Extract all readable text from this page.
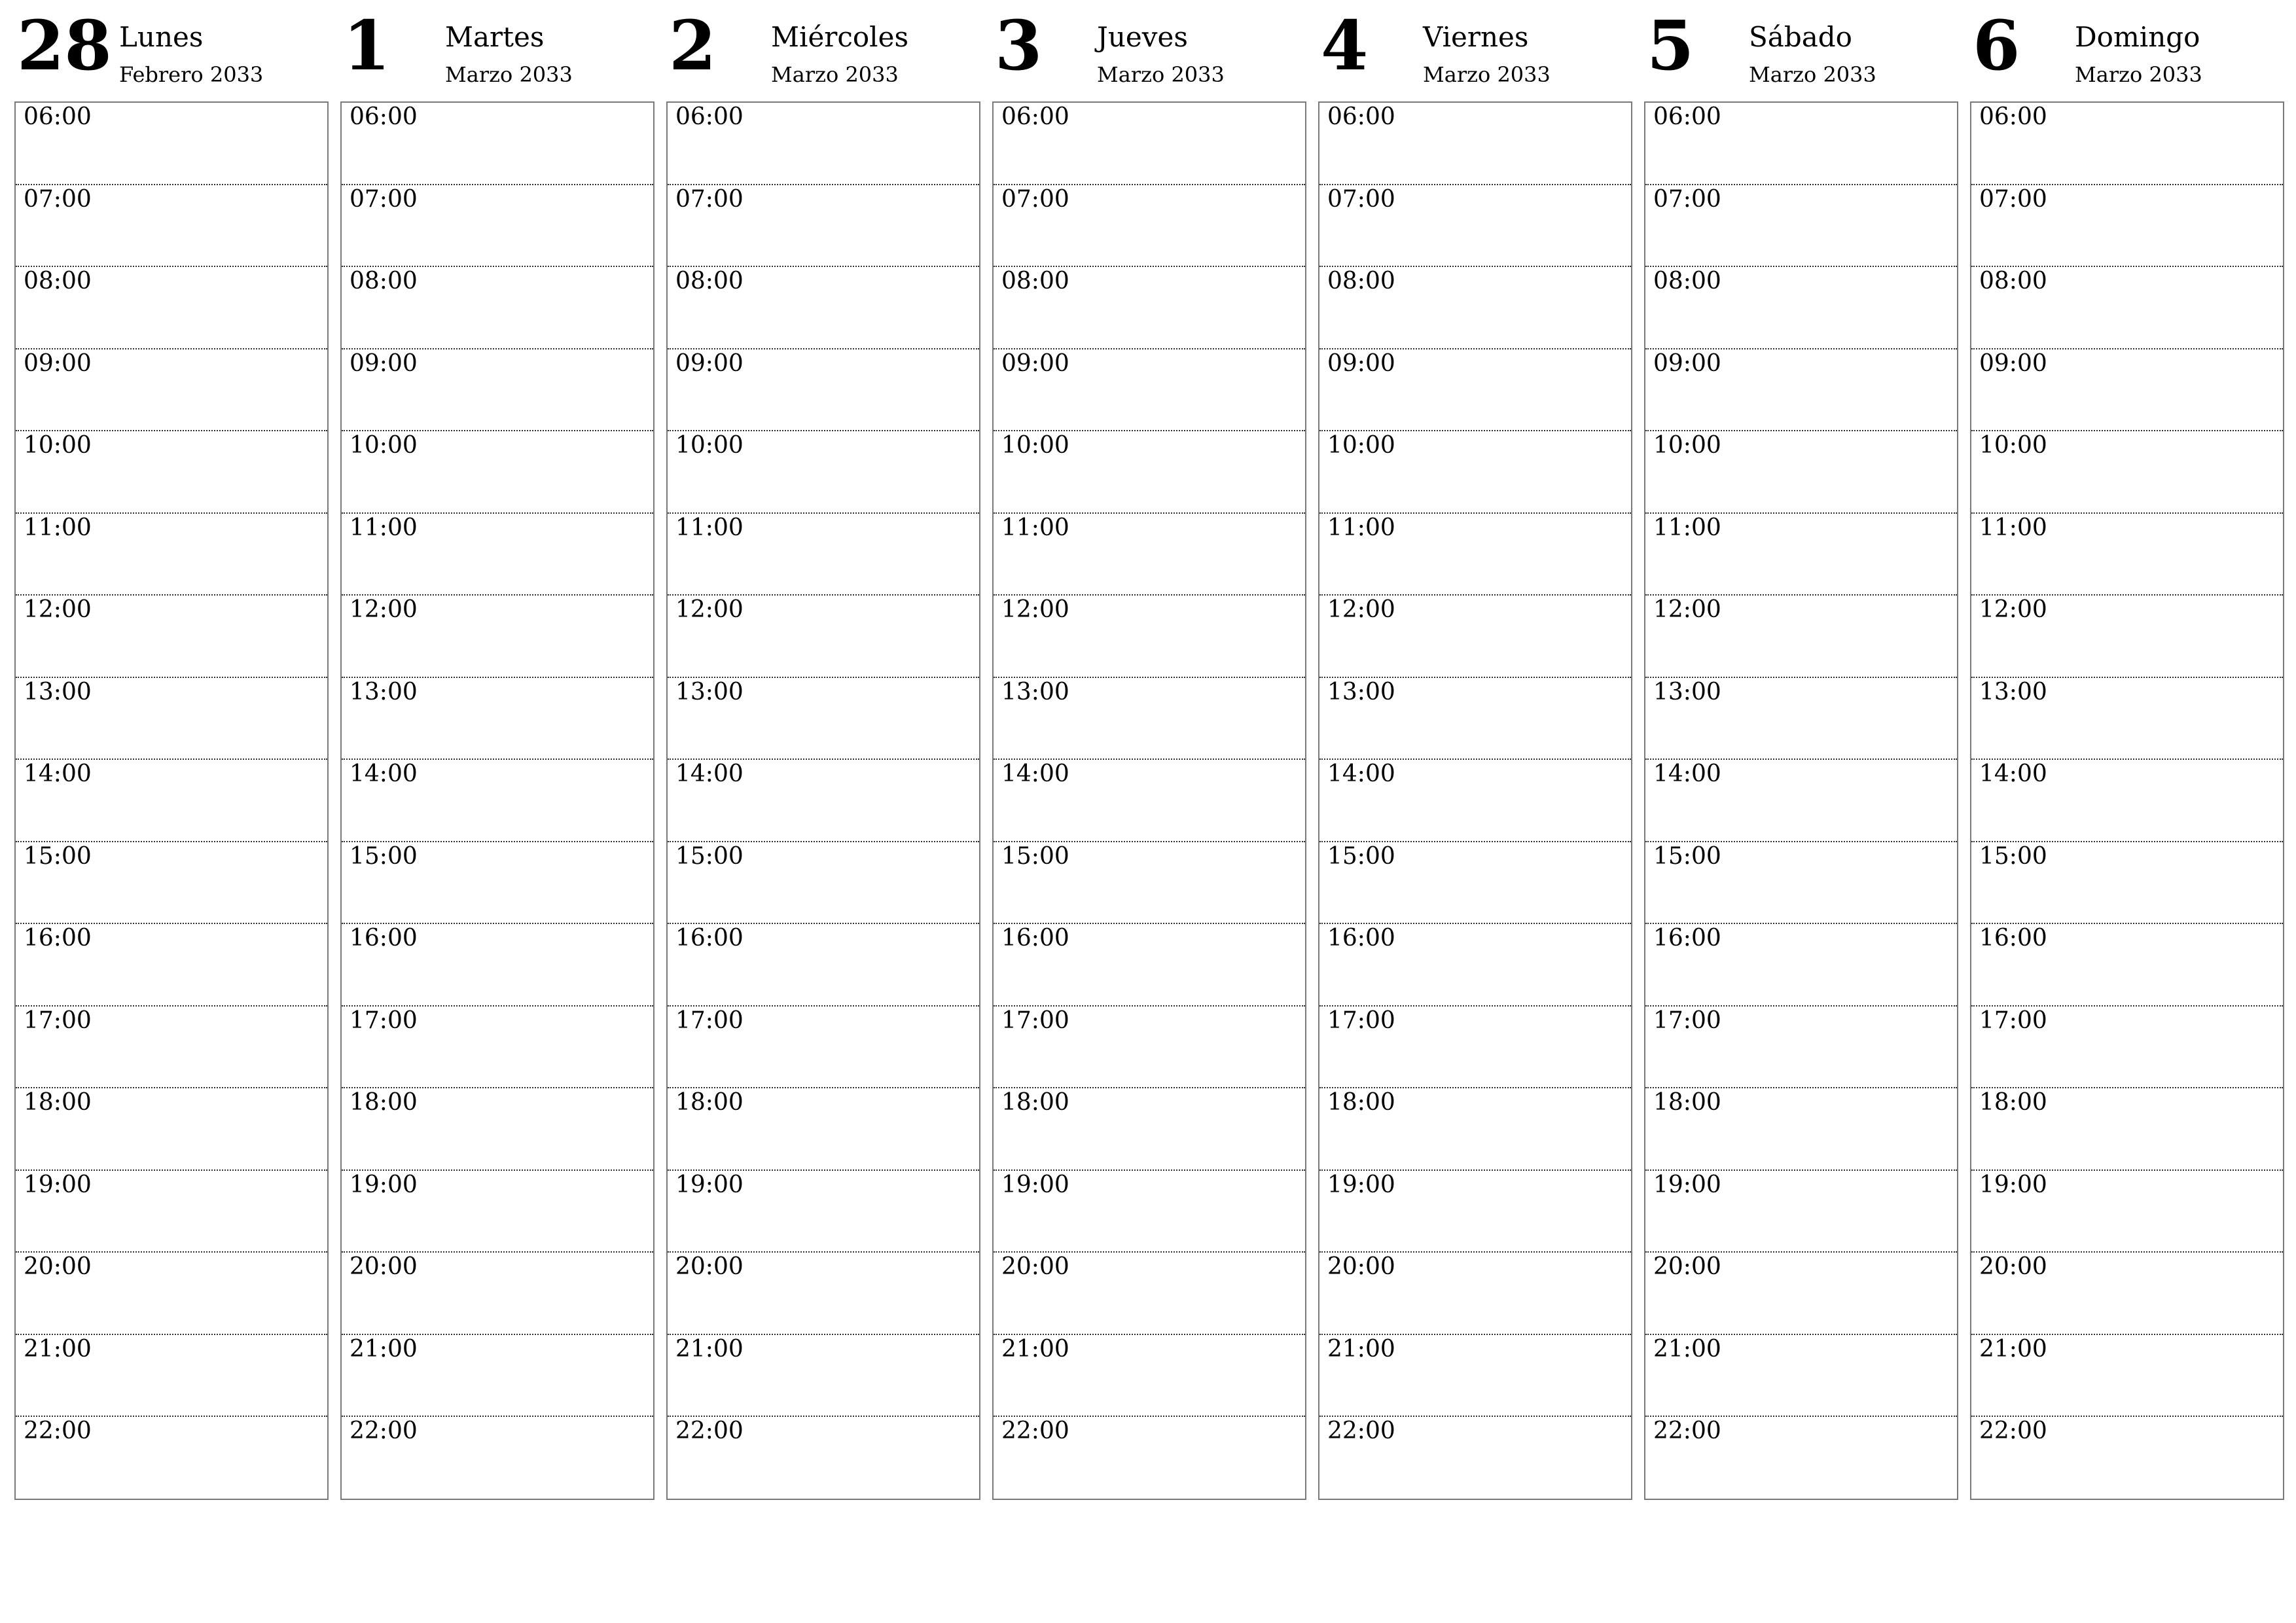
28 Lunes
Febrero 2033
06:00
07:00
08:00
09:00
10:00
11:00
12:00
13:00
14:00
15:00
16:00
17:00
18:00
19:00
20:00
21:00
22:00
1 Martes
Marzo 2033
06:00
07:00
08:00
09:00
10:00
11:00
12:00
13:00
14:00
15:00
16:00
17:00
18:00
19:00
20:00
21:00
22:00
2 Miércoles
Marzo 2033
06:00
07:00
08:00
09:00
10:00
11:00
12:00
13:00
14:00
15:00
16:00
17:00
18:00
19:00
20:00
21:00
22:00
3 Jueves
Marzo 2033
06:00
07:00
08:00
09:00
10:00
11:00
12:00
13:00
14:00
15:00
16:00
17:00
18:00
19:00
20:00
21:00
22:00
4 Viernes
Marzo 2033
06:00
07:00
08:00
09:00
10:00
11:00
12:00
13:00
14:00
15:00
16:00
17:00
18:00
19:00
20:00
21:00
22:00
5 Sábado
Marzo 2033
06:00
07:00
08:00
09:00
10:00
11:00
12:00
13:00
14:00
15:00
16:00
17:00
18:00
19:00
20:00
21:00
22:00
6 Domingo
Marzo 2033
06:00
07:00
08:00
09:00
10:00
11:00
12:00
13:00
14:00
15:00
16:00
17:00
18:00
19:00
20:00
21:00
22:00
